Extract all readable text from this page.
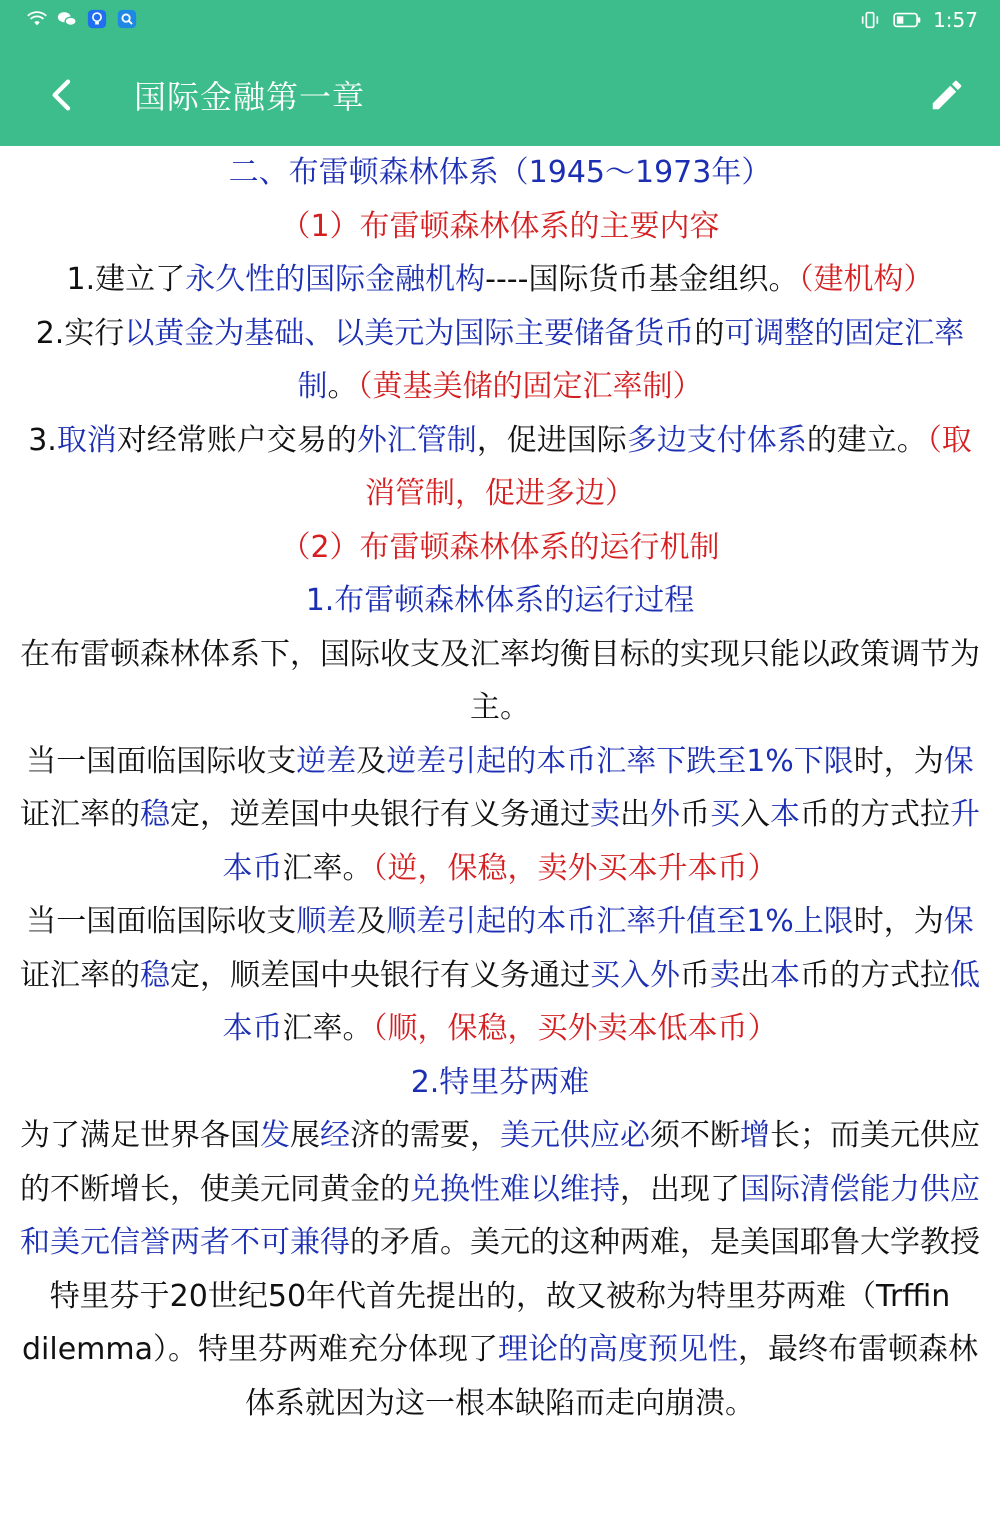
1:57
国际金融第一章
二、布雷顿森林体系（1945～1973年）
（1）布雷顿森林体系的主要内容
1.建立了永久性的国际金融机构----国际货币基金组织。（建机构）
2.实行以黄金为基础、以美元为国际主要储备货币的可调整的固定汇率制。（黄基美储的固定汇率制）
3.取消对经常账户交易的外汇管制，促进国际多边支付体系的建立。（取消管制，促进多边）
（2）布雷顿森林体系的运行机制
1.布雷顿森林体系的运行过程
在布雷顿森林体系下，国际收支及汇率均衡目标的实现只能以政策调节为主。
当一国面临国际收支逆差及逆差引起的本币汇率下跌至1%下限时，为保证汇率的稳定，逆差国中央银行有义务通过卖出外币买入本币的方式拉升本币汇率。（逆，保稳，卖外买本升本币）
当一国面临国际收支顺差及顺差引起的本币汇率升值至1%上限时，为保证汇率的稳定，顺差国中央银行有义务通过买入外币卖出本币的方式拉低本币汇率。（顺，保稳，买外卖本低本币）
2.特里芬两难
为了满足世界各国发展经济的需要，美元供应必须不断增长；而美元供应的不断增长，使美元同黄金的兑换性难以维持，出现了国际清偿能力供应和美元信誉两者不可兼得的矛盾。美元的这种两难，是美国耶鲁大学教授特里芬于20世纪50年代首先提出的，故又被称为特里芬两难（Trffin dilemma）。特里芬两难充分体现了理论的高度预见性，最终布雷顿森林体系就因为这一根本缺陷而走向崩溃。
